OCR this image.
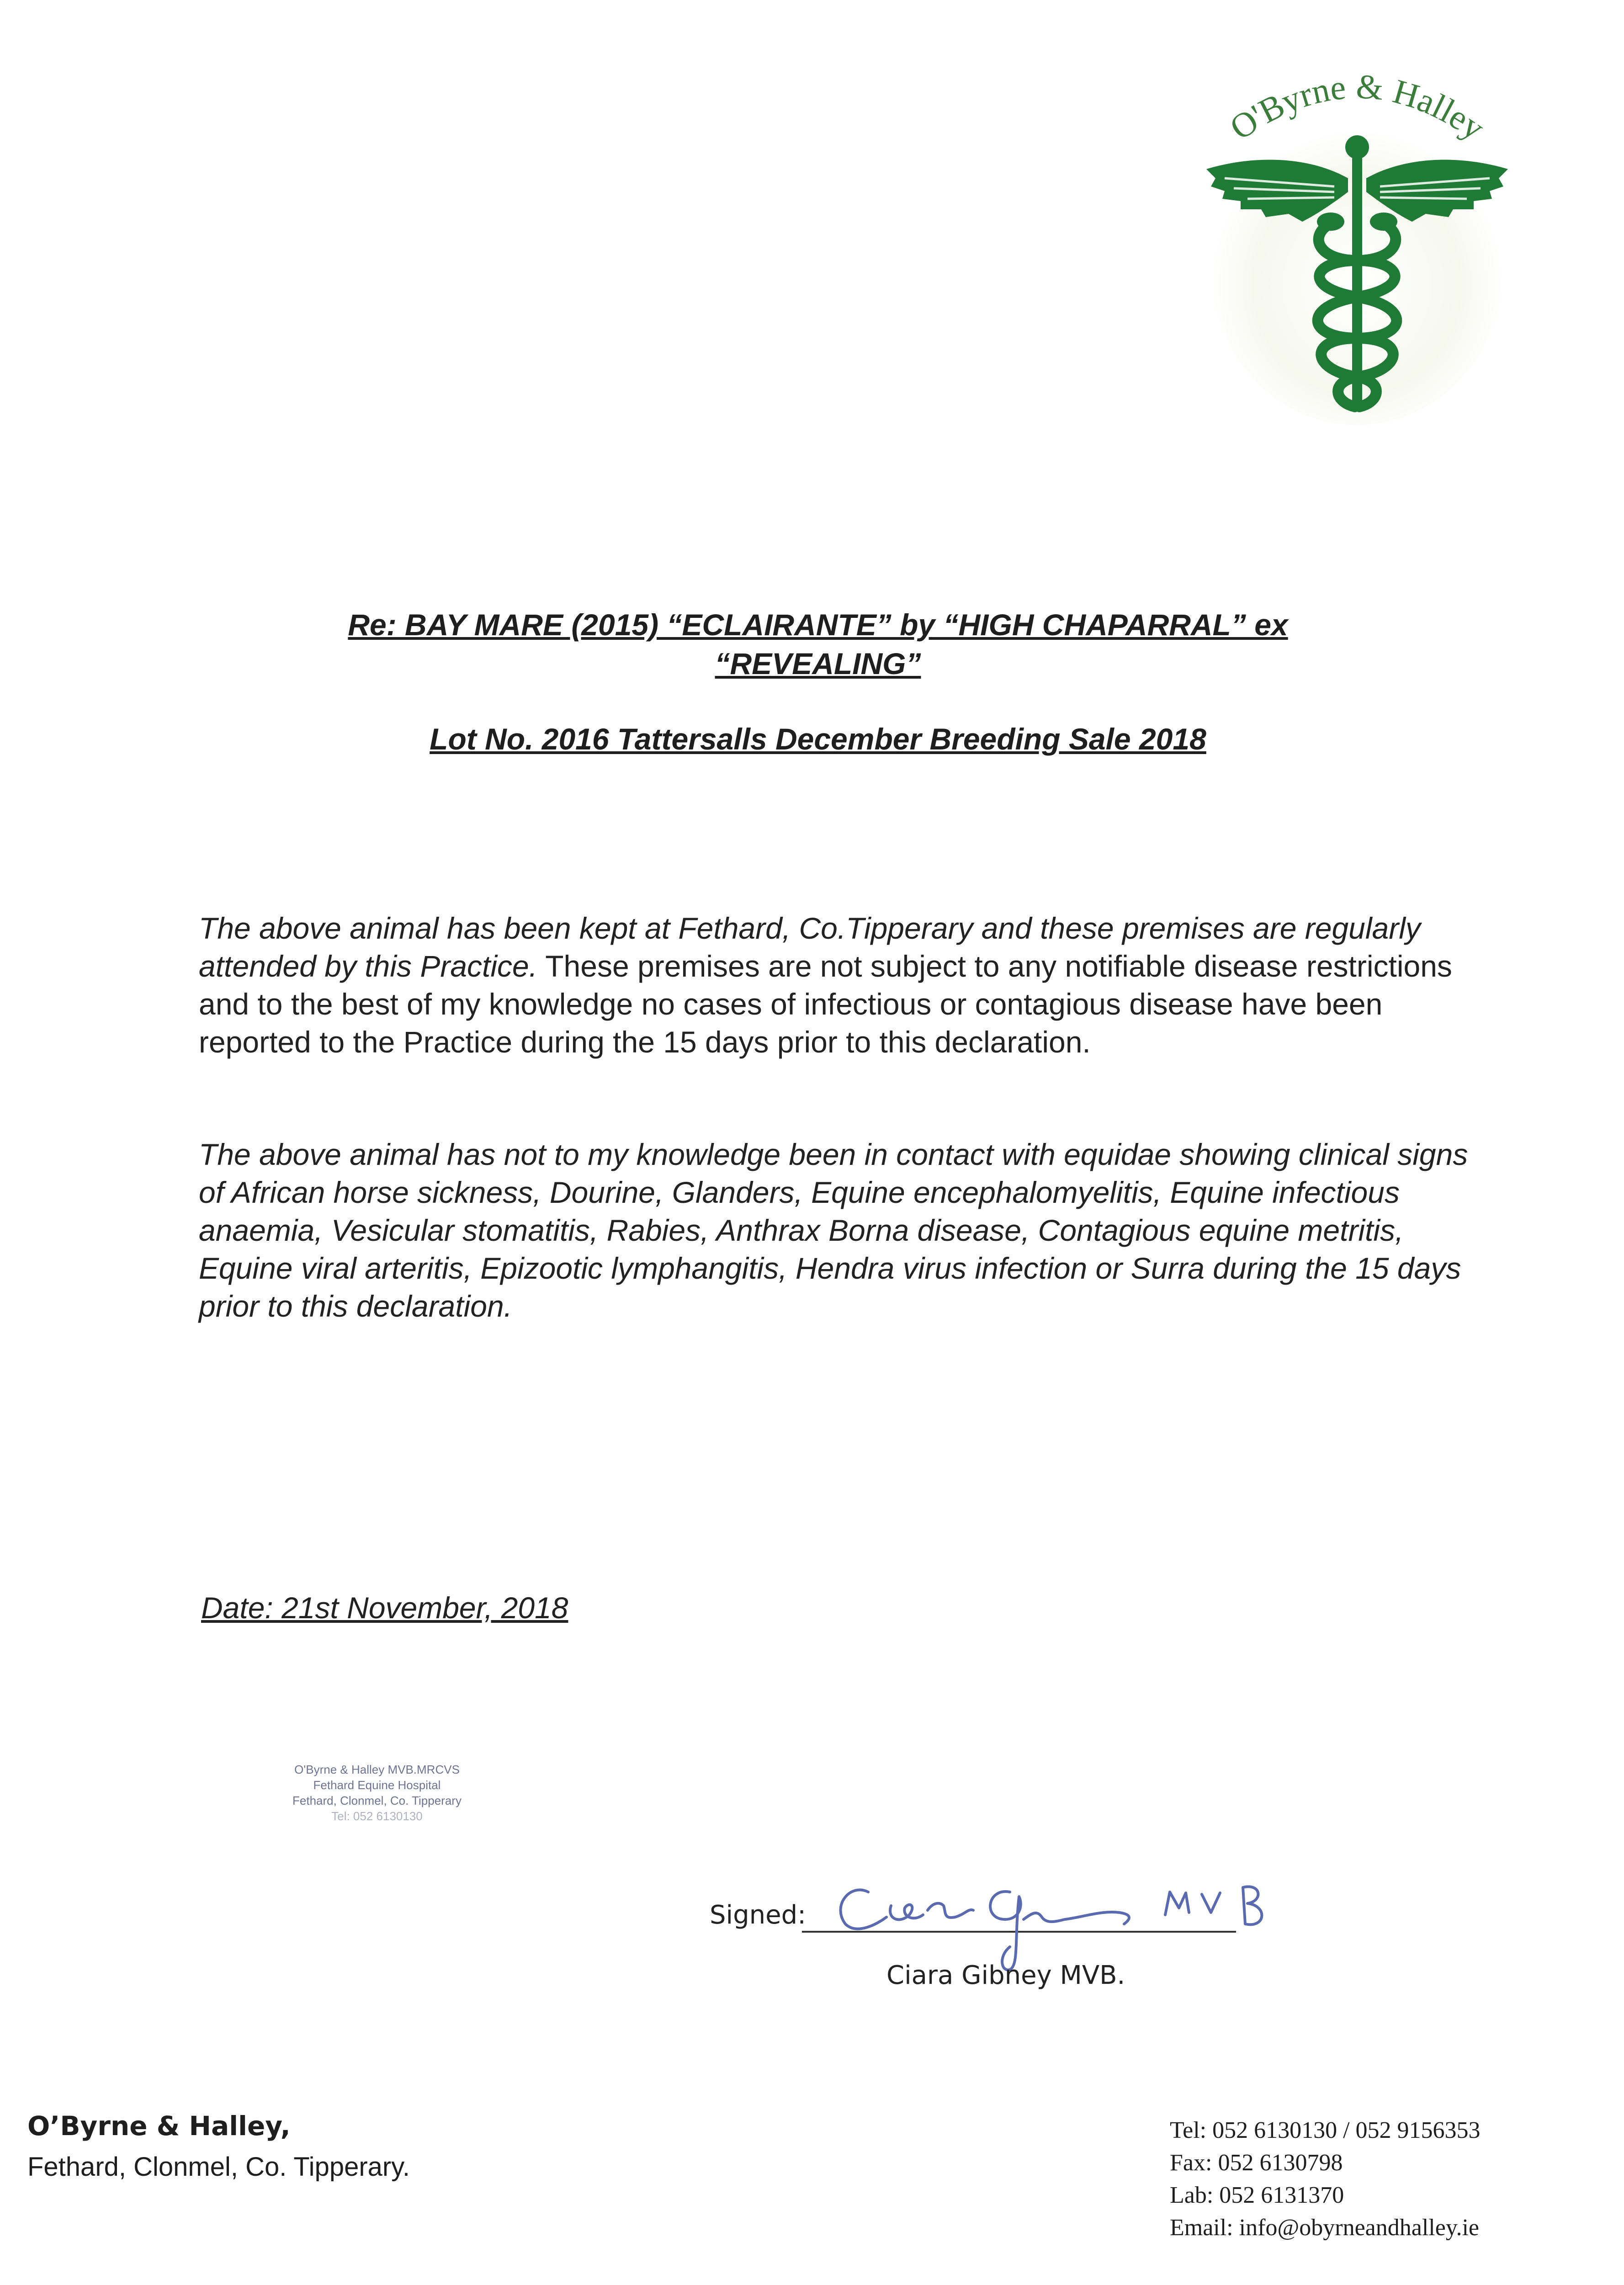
O'Byrne & Halley
Re: BAY MARE (2015) “ECLAIRANTE” by “HIGH CHAPARRAL” ex
“REVEALING”
Lot No. 2016 Tattersalls December Breeding Sale 2018
The above animal has been kept at Fethard, Co.Tipperary and these premises are regularly attended by this Practice. These premises are not subject to any notifiable disease restrictions and to the best of my knowledge no cases of infectious or contagious disease have been reported to the Practice during the 15 days prior to this declaration.
The above animal has not to my knowledge been in contact with equidae showing clinical signs of African horse sickness, Dourine, Glanders, Equine encephalomyelitis, Equine infectious anaemia, Vesicular stomatitis, Rabies, Anthrax Borna disease, Contagious equine metritis, Equine viral arteritis, Epizootic lymphangitis, Hendra virus infection or Surra during the 15 days prior to this declaration.
Date: 21st November, 2018
O'Byrne & Halley MVB.MRCVS
Fethard Equine Hospital
Fethard, Clonmel, Co. Tipperary
Tel: 052 6130130
Signed:
Ciara Gibney MVB.
O’Byrne & Halley,
Fethard, Clonmel, Co. Tipperary.
Tel: 052 6130130 / 052 9156353
Fax: 052 6130798
Lab: 052 6131370
Email: info@obyrneandhalley.ie
